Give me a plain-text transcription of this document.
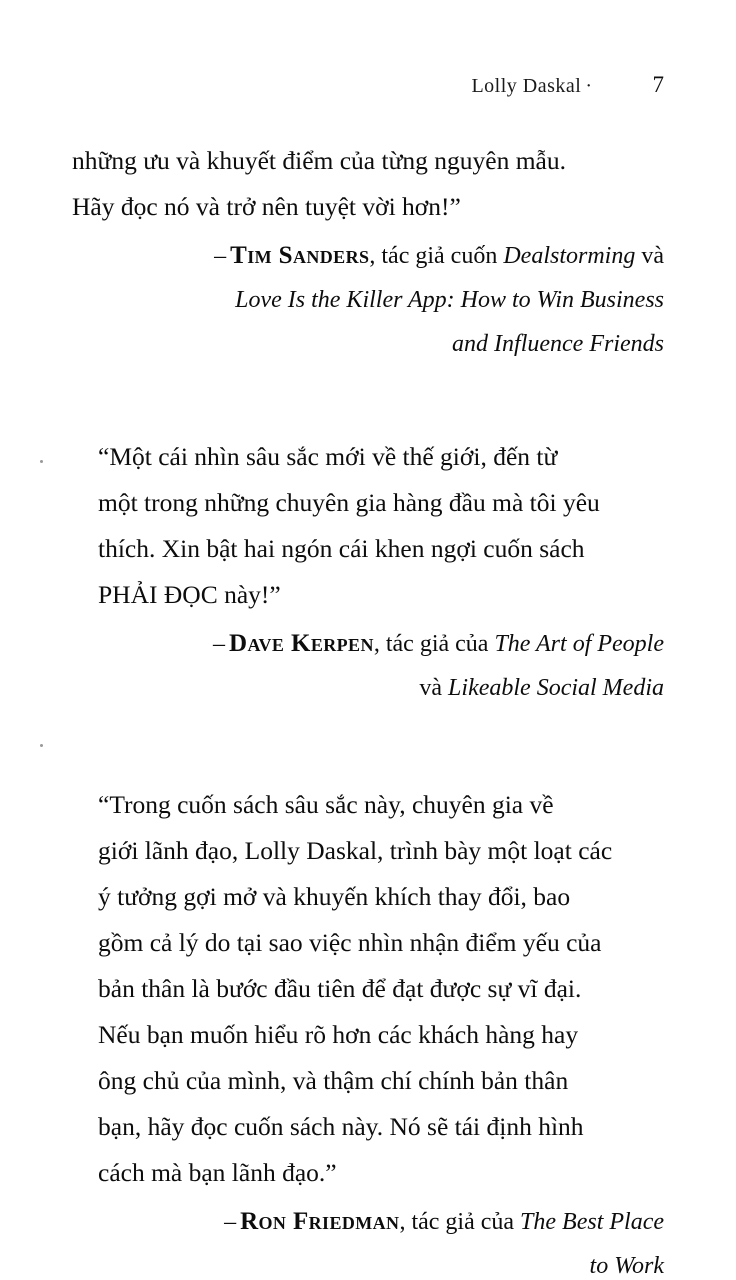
Lolly Daskal ·	7
những ưu và khuyết điểm của từng nguyên mẫu.
Hãy đọc nó và trở nên tuyệt vời hơn!”
– Tim Sanders, tác giả cuốn Dealstorming và
Love Is the Killer App: How to Win Business
and Influence Friends
“Một cái nhìn sâu sắc mới về thế giới, đến từ
một trong những chuyên gia hàng đầu mà tôi yêu
thích. Xin bật hai ngón cái khen ngợi cuốn sách
PHẢI ĐỌC này!”
– Dave Kerpen, tác giả của The Art of People
và Likeable Social Media
“Trong cuốn sách sâu sắc này, chuyên gia về
giới lãnh đạo, Lolly Daskal, trình bày một loạt các
ý tưởng gợi mở và khuyến khích thay đổi, bao
gồm cả lý do tại sao việc nhìn nhận điểm yếu của
bản thân là bước đầu tiên để đạt được sự vĩ đại.
Nếu bạn muốn hiểu rõ hơn các khách hàng hay
ông chủ của mình, và thậm chí chính bản thân
bạn, hãy đọc cuốn sách này. Nó sẽ tái định hình
cách mà bạn lãnh đạo.”
– Ron Friedman, tác giả của The Best Place
to Work
